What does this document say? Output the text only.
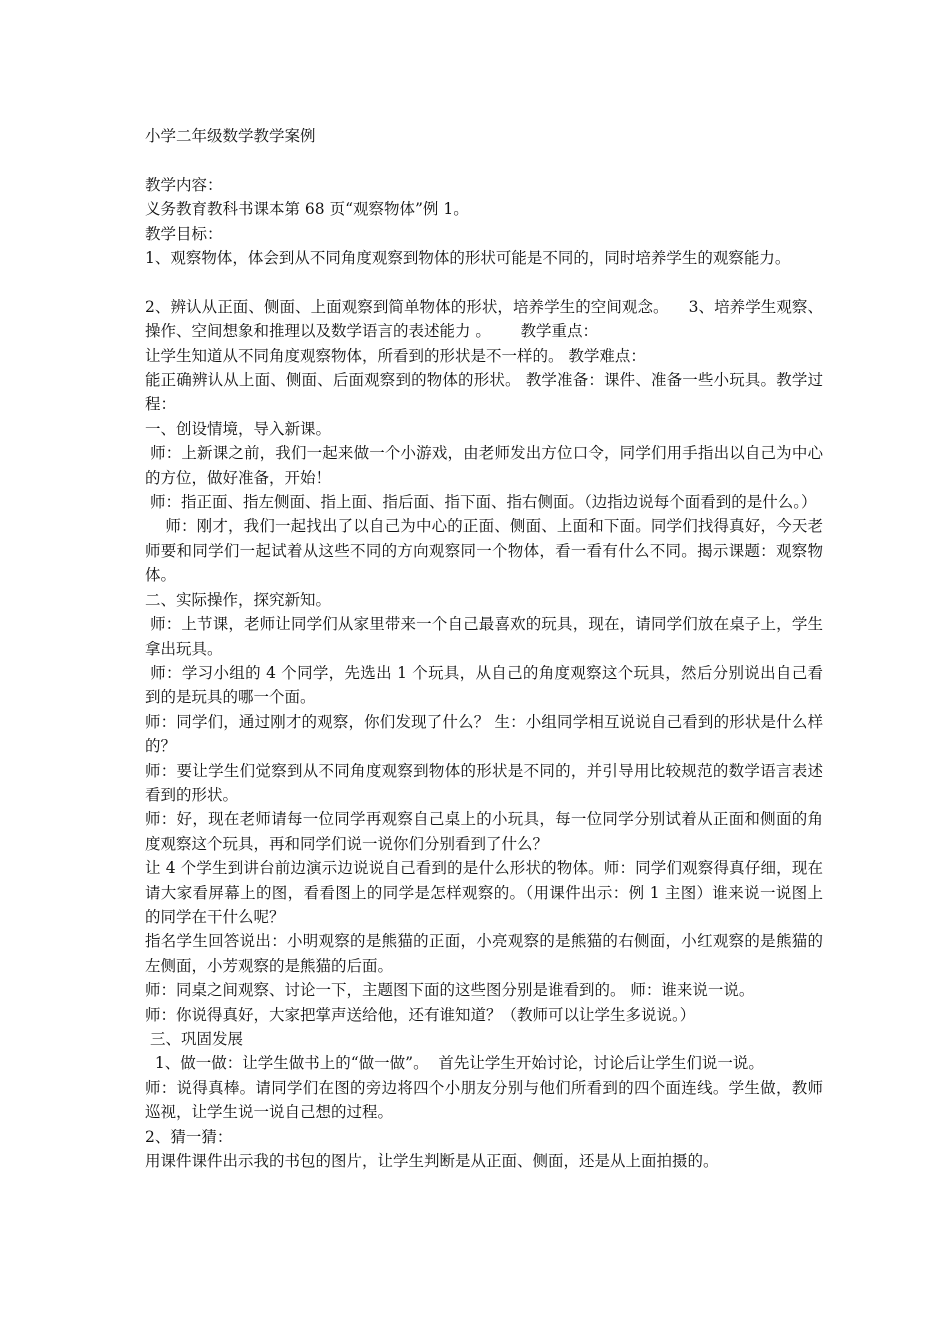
小学二年级数学教学案例

教学内容：

义务教育教科书课本第 68 页“观察物体”例 1。

教学目标：

1、观察物体，体会到从不同角度观察到物体的形状可能是不同的，同时培养学生的观察能力。

2、辨认从正面、侧面、上面观察到简单物体的形状，培养学生的空间观念。    3、培养学生观察、操作、空间想象和推理以及数学语言的表述能力 。      教学重点：

让学生知道从不同角度观察物体，所看到的形状是不一样的。 教学难点：

能正确辨认从上面、侧面、后面观察到的物体的形状。 教学准备：课件、准备一些小玩具。教学过程：

一、创设情境，导入新课。

师：上新课之前，我们一起来做一个小游戏，由老师发出方位口令，同学们用手指出以自己为中心的方位，做好准备，开始！

师：指正面、指左侧面、指上面、指后面、指下面、指右侧面。（边指边说每个面看到的是什么。）

师：刚才，我们一起找出了以自己为中心的正面、侧面、上面和下面。同学们找得真好，今天老师要和同学们一起试着从这些不同的方向观察同一个物体，看一看有什么不同。揭示课题：观察物体。

二、实际操作，探究新知。

师：上节课，老师让同学们从家里带来一个自己最喜欢的玩具，现在，请同学们放在桌子上，学生拿出玩具。

师：学习小组的 4 个同学，先选出 1 个玩具，从自己的角度观察这个玩具，然后分别说出自己看到的是玩具的哪一个面。

师：同学们，通过刚才的观察，你们发现了什么？ 生：小组同学相互说说自己看到的形状是什么样的？

师：要让学生们觉察到从不同角度观察到物体的形状是不同的，并引导用比较规范的数学语言表述看到的形状。

师：好，现在老师请每一位同学再观察自己桌上的小玩具，每一位同学分别试着从正面和侧面的角度观察这个玩具，再和同学们说一说你们分别看到了什么？

让 4 个学生到讲台前边演示边说说自己看到的是什么形状的物体。师：同学们观察得真仔细，现在请大家看屏幕上的图，看看图上的同学是怎样观察的。（用课件出示：例 1 主图）谁来说一说图上的同学在干什么呢？

指名学生回答说出：小明观察的是熊猫的正面，小亮观察的是熊猫的右侧面，小红观察的是熊猫的左侧面，小芳观察的是熊猫的后面。

师：同桌之间观察、讨论一下，主题图下面的这些图分别是谁看到的。 师：谁来说一说。

师：你说得真好，大家把掌声送给他，还有谁知道？（教师可以让学生多说说。）

三、巩固发展

1、做一做：让学生做书上的“做一做”。  首先让学生开始讨论，讨论后让学生们说一说。

师：说得真棒。请同学们在图的旁边将四个小朋友分别与他们所看到的四个面连线。学生做，教师巡视，让学生说一说自己想的过程。

2、猜一猜：

用课件课件出示我的书包的图片，让学生判断是从正面、侧面，还是从上面拍摄的。
